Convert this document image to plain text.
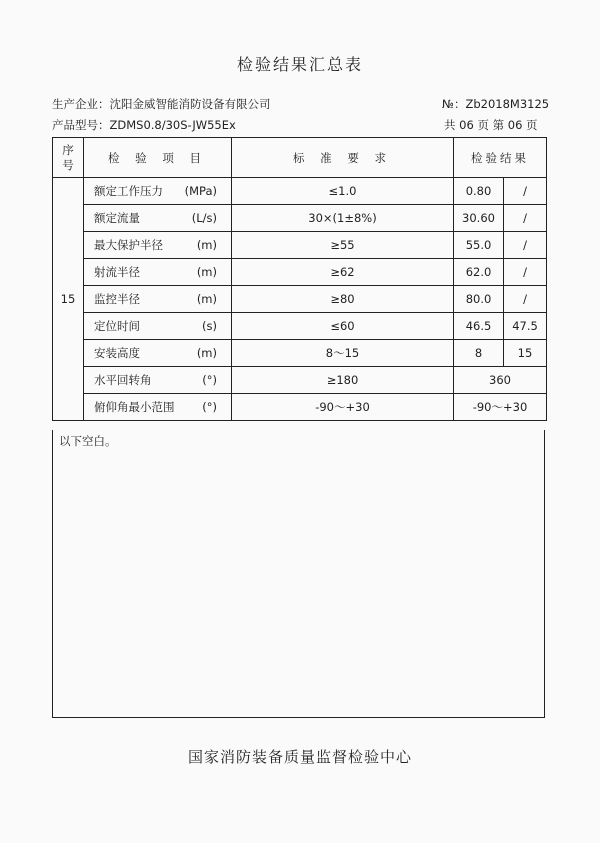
检验结果汇总表
生产企业：沈阳金威智能消防设备有限公司
产品型号：ZDMS0.8/30S-JW55Ex
№：Zb2018M3125
共 06 页 第 06 页
序号	检 验 项 目	标 准 要 求	检验结果	
15	额定工作压力 (MPa)	≤1.0	0.80	/
	额定流量 (L/s)	30×(1±8%)	30.60	/
	最大保护半径 (m)	≥55	55.0	/
	射流半径 (m)	≥62	62.0	/
	监控半径 (m)	≥80	80.0	/
	定位时间 (s)	≤60	46.5	47.5
	安装高度 (m)	8～15	8	15
	水平回转角 (°)	≥180	360	
	俯仰角最小范围 (°)	-90～+30	-90～+30	
以下空白。
国家消防装备质量监督检验中心
